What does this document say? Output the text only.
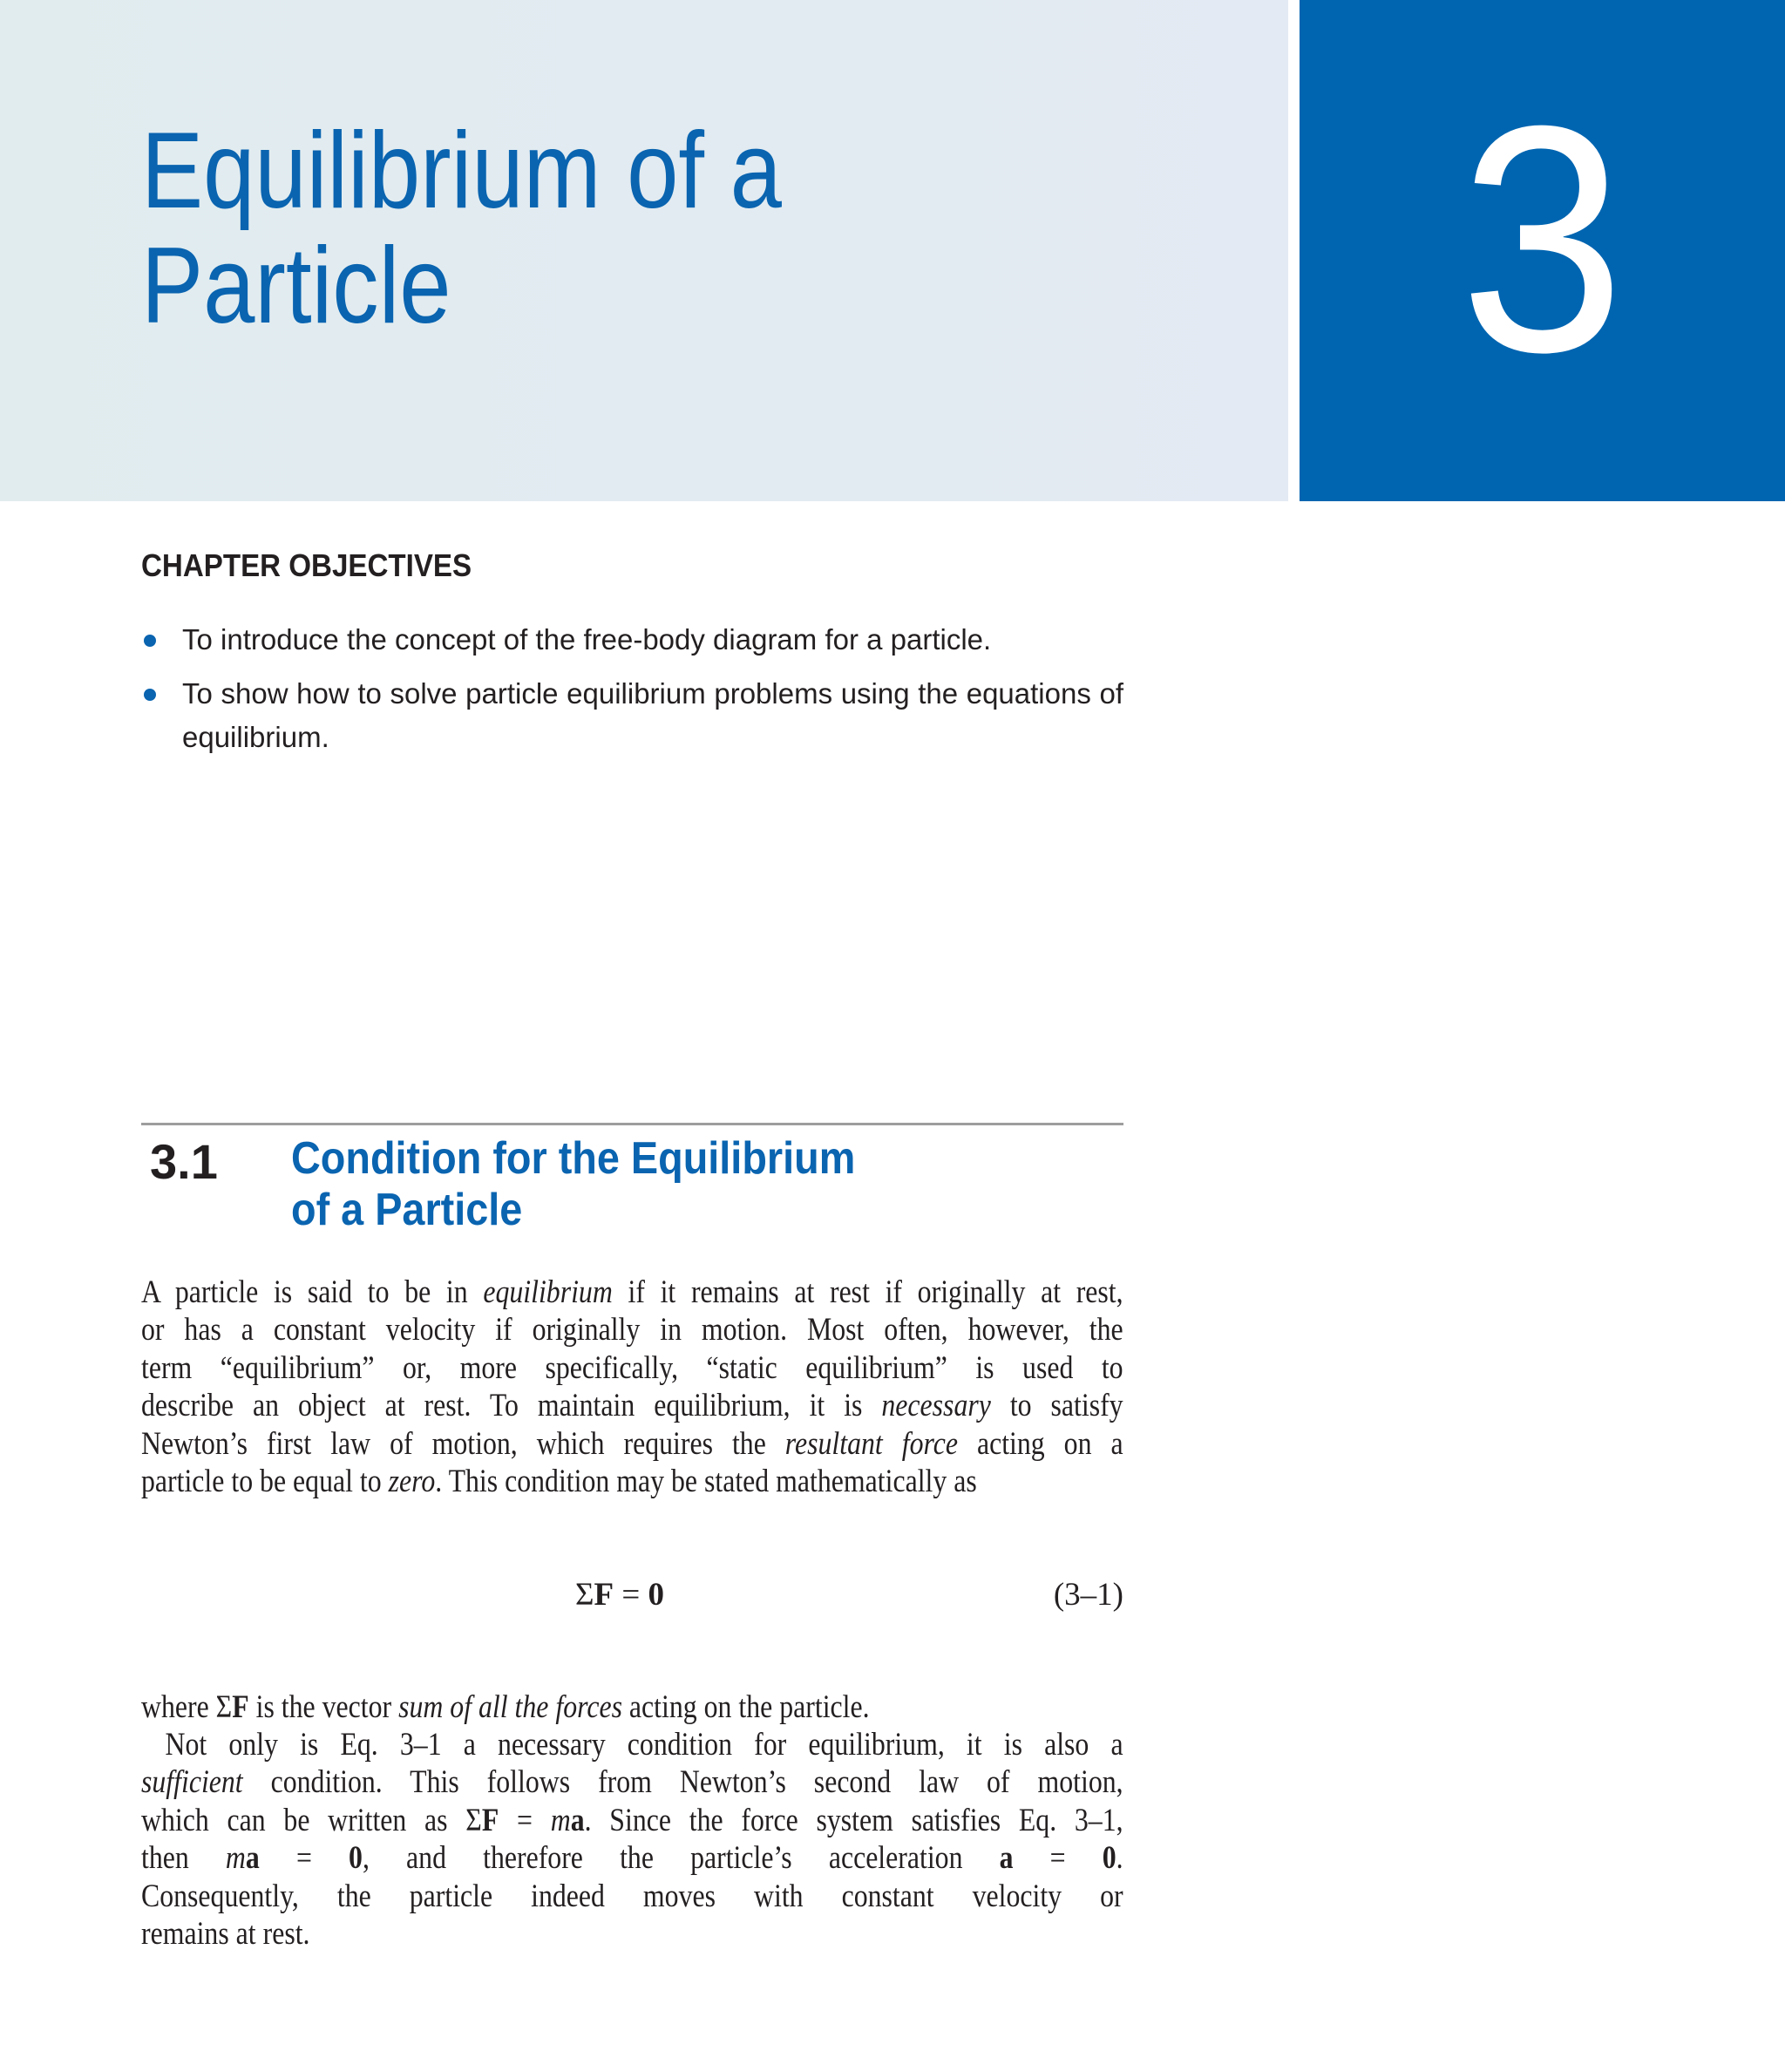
Equilibrium of a
Particle	3
CHAPTER OBJECTIVES
To introduce the concept of the free-body diagram for a particle.
To show how to solve particle equilibrium problems using the equations of equilibrium.
3.1 Condition for the Equilibrium
of a Particle
A particle is said to be in equilibrium if it remains at rest if originally at rest,
or has a constant velocity if originally in motion. Most often, however, the
term “equilibrium” or, more specifically, “static equilibrium” is used to
describe an object at rest. To maintain equilibrium, it is necessary to satisfy
Newton’s first law of motion, which requires the resultant force acting on a
particle to be equal to zero. This condition may be stated mathematically as
ΣF = 0	(3–1)
where ΣF is the vector sum of all the forces acting on the particle.
Not only is Eq. 3–1 a necessary condition for equilibrium, it is also a
sufficient condition. This follows from Newton’s second law of motion,
which can be written as ΣF = ma. Since the force system satisfies Eq. 3–1,
then ma = 0, and therefore the particle’s acceleration a = 0.
Consequently, the particle indeed moves with constant velocity or
remains at rest.
